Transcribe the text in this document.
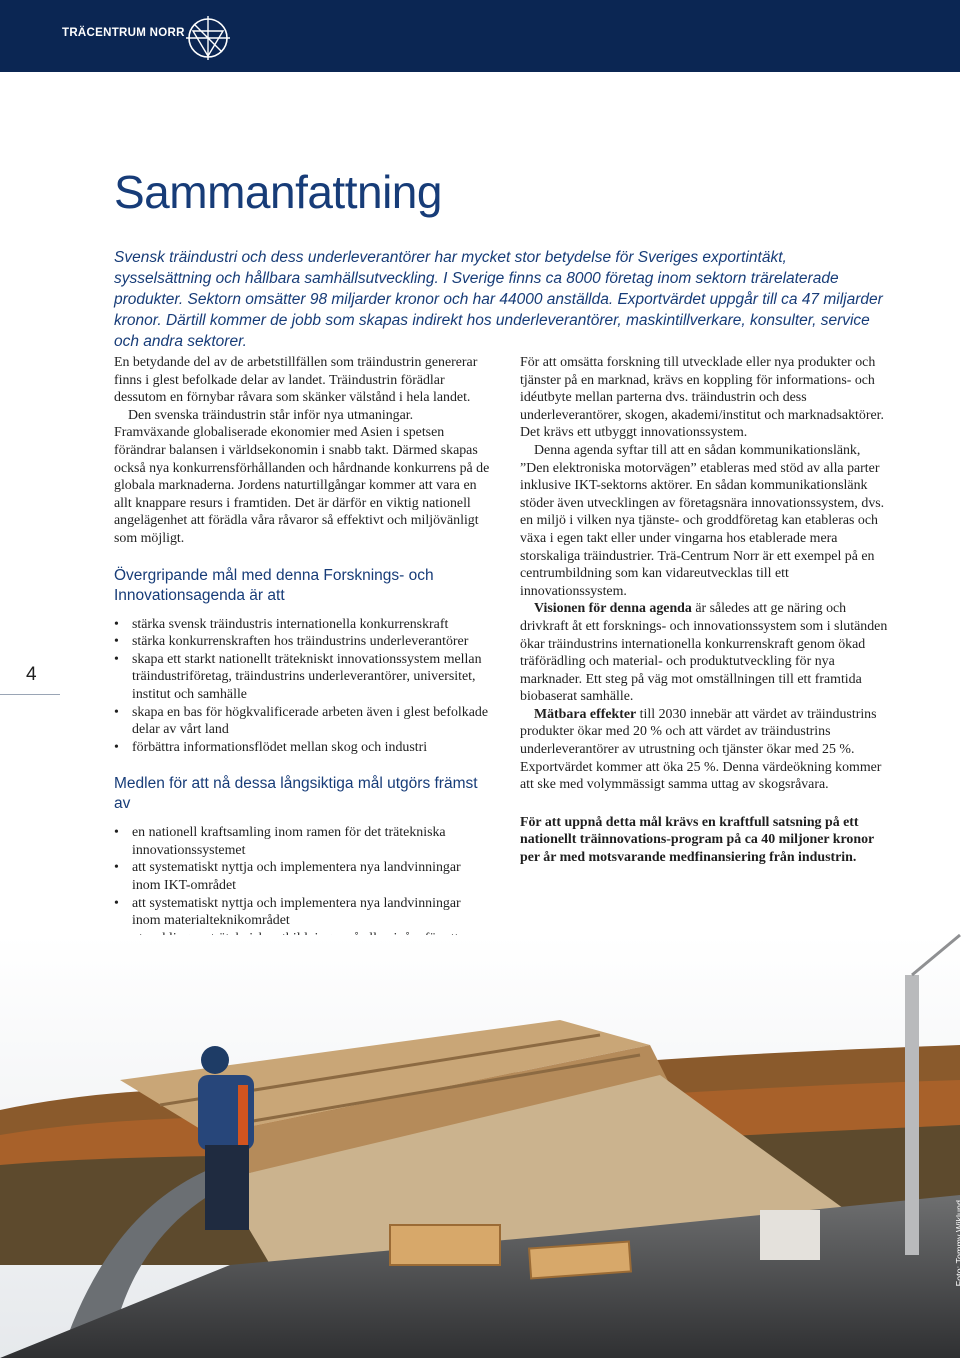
TRÄCENTRUM NORR
Sammanfattning

Svensk träindustri och dess underleverantörer har mycket stor betydelse för Sveriges exportintäkt, sysselsättning och hållbara samhällsutveckling. I Sverige finns ca 8000 företag inom sektorn trärelaterade produkter. Sektorn omsätter 98 miljarder kronor och har 44000 anställda. Exportvärdet uppgår till ca 47 miljarder kronor. Därtill kommer de jobb som skapas indirekt hos underleverantörer, maskintillverkare, konsulter, service och andra sektorer.

En betydande del av de arbetstillfällen som träindustrin genererar finns i glest befolkade delar av landet. Träindustrin förädlar dessutom en förnybar råvara som skänker välstånd i hela landet.

Den svenska träindustrin står inför nya utmaningar. Framväxande globaliserade ekonomier med Asien i spetsen förändrar balansen i världsekonomin i snabb takt. Därmed skapas också nya konkurrensförhållanden och hårdnande konkurrens på de globala marknaderna. Jordens naturtillgångar kommer att vara en allt knappare resurs i framtiden. Det är därför en viktig nationell angelägenhet att förädla våra råvaror så effektivt och miljövänligt som möjligt.

Övergripande mål med denna Forsknings- och Innovationsagenda är att
• stärka svensk träindustris internationella konkurrenskraft
• stärka konkurrenskraften hos träindustrins underleverantörer
• skapa ett starkt nationellt trätekniskt innovationssystem mellan träindustriföretag, träindustrins underleverantörer, universitet, institut och samhälle
• skapa en bas för högkvalificerade arbeten även i glest befolkade delar av vårt land
• förbättra informationsflödet mellan skog och industri
Medlen för att nå dessa långsiktiga mål utgörs främst av
• en nationell kraftsamling inom ramen för det trätekniska innovationssystemet
• att systematiskt nyttja och implementera nya landvinningar inom IKT-området
• att systematiskt nyttja och implementera nya landvinningar inom materialteknikområdet
•
•
•

För att omsätta forskning till utvecklade eller nya produkter och tjänster på en marknad, krävs en koppling för informations- och idéutbyte mellan parterna dvs. träindustrin och dess underleverantörer, skogen, akademi/institut och marknadsaktörer. Det krävs ett utbyggt innovationssystem.

Denna agenda syftar till att en sådan kommunikationslänk, ”Den elektroniska motorvägen” etableras med stöd av alla parter inklusive IKT-sektorns aktörer. En sådan kommunikationslänk stöder även utvecklingen av företagsnära innovationssystem, dvs. en miljö i vilken nya tjänste- och groddföretag kan etableras och växa i egen takt eller under vingarna hos etablerade mera storskaliga träindustrier. Trä-Centrum Norr är ett exempel på en centrumbildning som kan vidareutvecklas till ett innovationssystem.

Visionen för denna agenda är således att ge näring och drivkraft åt ett forsknings- och innovationssystem som i slutänden ökar träindustrins internationella konkurrenskraft genom ökad träförädling och material- och produktutveckling för nya marknader. Ett steg på väg mot omställningen till ett framtida biobaserat samhälle.

Mätbara effekter till 2030 innebär att värdet av träindustrins produkter ökar med 20 % och att värdet av träindustrins underleverantörer av utrustning och tjänster ökar med 25 %. Exportvärdet kommer att öka 25 %. Denna värdeökning kommer att ske med volymmässigt samma uttag av skogsråvara.

För att uppnå detta mål krävs en kraftfull satsning på ett nationellt träinnovations-program på ca 40 miljoner kronor per år med motsvarande medfinansiering från industrin.

4
Foto: Tommy Wiklund
